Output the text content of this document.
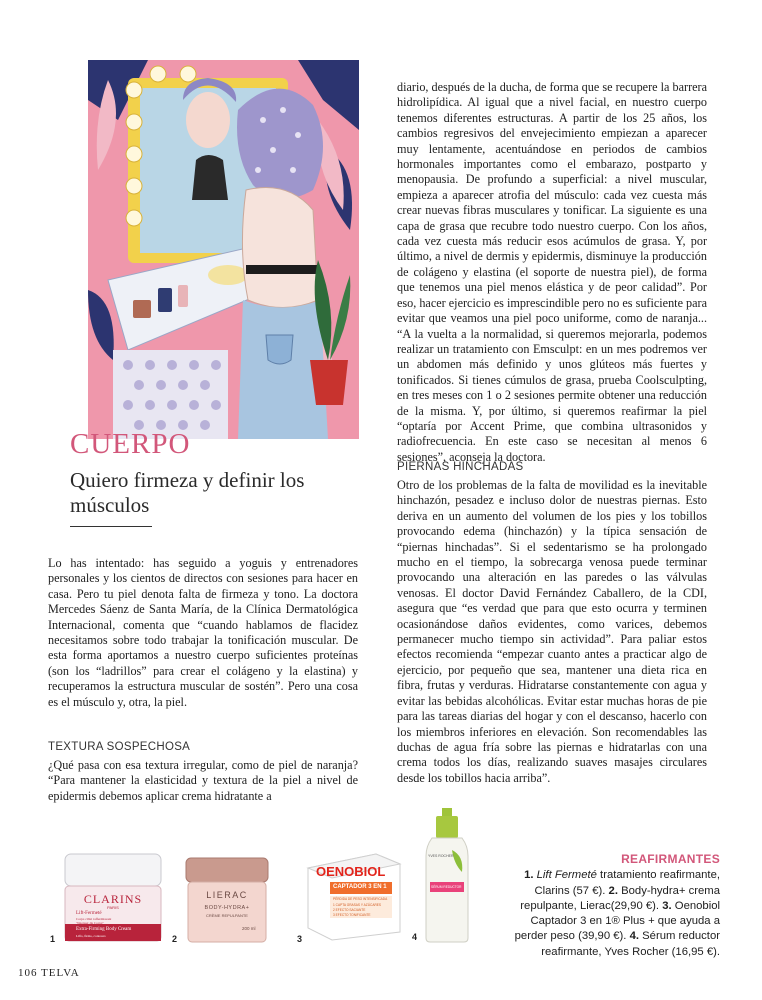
CUERPO
Quiero firmeza y definir los músculos

Lo has intentado: has seguido a yoguis y entrenadores personales y los cientos de directos con sesiones para hacer en casa. Pero tu piel denota falta de firmeza y tono. La doctora Mercedes Sáenz de Santa María, de la Clínica Dermatológica Internacional, comenta que “cuando hablamos de flacidez necesitamos sobre todo trabajar la tonificación muscular. De esta forma aportamos a nuestro cuerpo suficientes proteínas (son los “ladrillos” para crear el colágeno y la elastina) y recuperamos la estructura muscular de sostén”. Pero una cosa es el músculo y, otra, la piel.

TEXTURA SOSPECHOSA

¿Qué pasa con esa textura irregular, como de piel de naranja? “Para mantener la elasticidad y textura de la piel a nivel de epidermis debemos aplicar crema hidratante a

diario, después de la ducha, de forma que se recupere la barrera hidrolipídica. Al igual que a nivel facial, en nuestro cuerpo tenemos diferentes estructuras. A partir de los 25 años, los cambios regresivos del envejecimiento empiezan a aparecer muy lentamente, acentuándose en periodos de cambios hormonales importantes como el embarazo, postparto y menopausia. De profundo a superficial: a nivel muscular, empieza a aparecer atrofia del músculo: cada vez cuesta más crear nuevas fibras musculares y tonificar. La siguiente es una capa de grasa que recubre todo nuestro cuerpo. Con los años, cada vez cuesta más reducir esos acúmulos de grasa. Y, por último, a nivel de dermis y epidermis, disminuye la producción de colágeno y elastina (el soporte de nuestra piel), de forma que tenemos una piel menos elástica y de peor calidad”. Por eso, hacer ejercicio es imprescindible pero no es suficiente para evitar que veamos una piel poco uniforme, como de naranja... “A la vuelta a la normalidad, si queremos mejorarla, podemos realizar un tratamiento con Emsculpt: en un mes podremos ver un abdomen más definido y unos glúteos más fuertes y tonificados. Si tienes cúmulos de grasa, prueba Coolsculpting, en tres meses con 1 o 2 sesiones permite obtener una reducción de la misma. Y, por último, si queremos reafirmar la piel “optaría por Accent Prime, que combina ultrasonidos y radiofrecuencia. En este caso se necesitan al menos 6 sesiones”, aconseja la doctora.

PIERNAS HINCHADAS

Otro de los problemas de la falta de movilidad es la inevitable hinchazón, pesadez e incluso dolor de nuestras piernas. Esto deriva en un aumento del volumen de los pies y los tobillos provocando edema (hinchazón) y la típica sensación de “piernas hinchadas”. Si el sedentarismo se ha prolongado mucho en el tiempo, la sobrecarga venosa puede terminar provocando una alteración en las paredes o las válvulas venosas. El doctor David Fernández Caballero, de la CDI, asegura que “es verdad que para que esto ocurra y terminen ocasionándose daños evidentes, como varices, debemos permanecer mucho tiempo sin actividad”. Para paliar estos efectos recomienda “empezar cuanto antes a practicar algo de ejercicio, por pequeño que sea, mantener una dieta rica en fibra, frutas y verduras. Hidratarse constantemente con agua y evitar las bebidas alcohólicas. Evitar estar muchas horas de pie para las tareas diarias del hogar y con el descanso, hacerlo con los miembros inferiores en elevación. Son recomendables las duchas de agua fría sobre las piernas e hidratarlas con una crema todos los días, realizando suaves masajes circulares desde los tobillos hacia arriba”.

CLARINS
PARIS
Lift-Fermeté
Corps ciblé raffermissant
"Intenser du Corps"
Extra-Firming Body Cream
Lifts, firms, contours
1
LIERAC
BODY-HYDRA+
CRÈME REPULPANTE
200 ml
2
OENOBIOL
CAPTADOR 3 EN 1
PÉRDIDA DE PESO INTENSIFICADA
1 CAPTA GRASAS Y AZÚCARES
2 EFECTO SACIANTE
3 EFECTO TONIFICANTE
3
YVES ROCHER
SÉRUM REDUCTOR
4
REAFIRMANTES
1. Lift Fermeté tratamiento reafirmante, Clarins (57 €). 2. Body-hydra+ crema repulpante, Lierac(29,90 €). 3. Oenobiol Captador 3 en 1® Plus + que ayuda a perder peso (39,90 €). 4. Sérum reductor reafirmante, Yves Rocher (16,95 €).
106 TELVA
